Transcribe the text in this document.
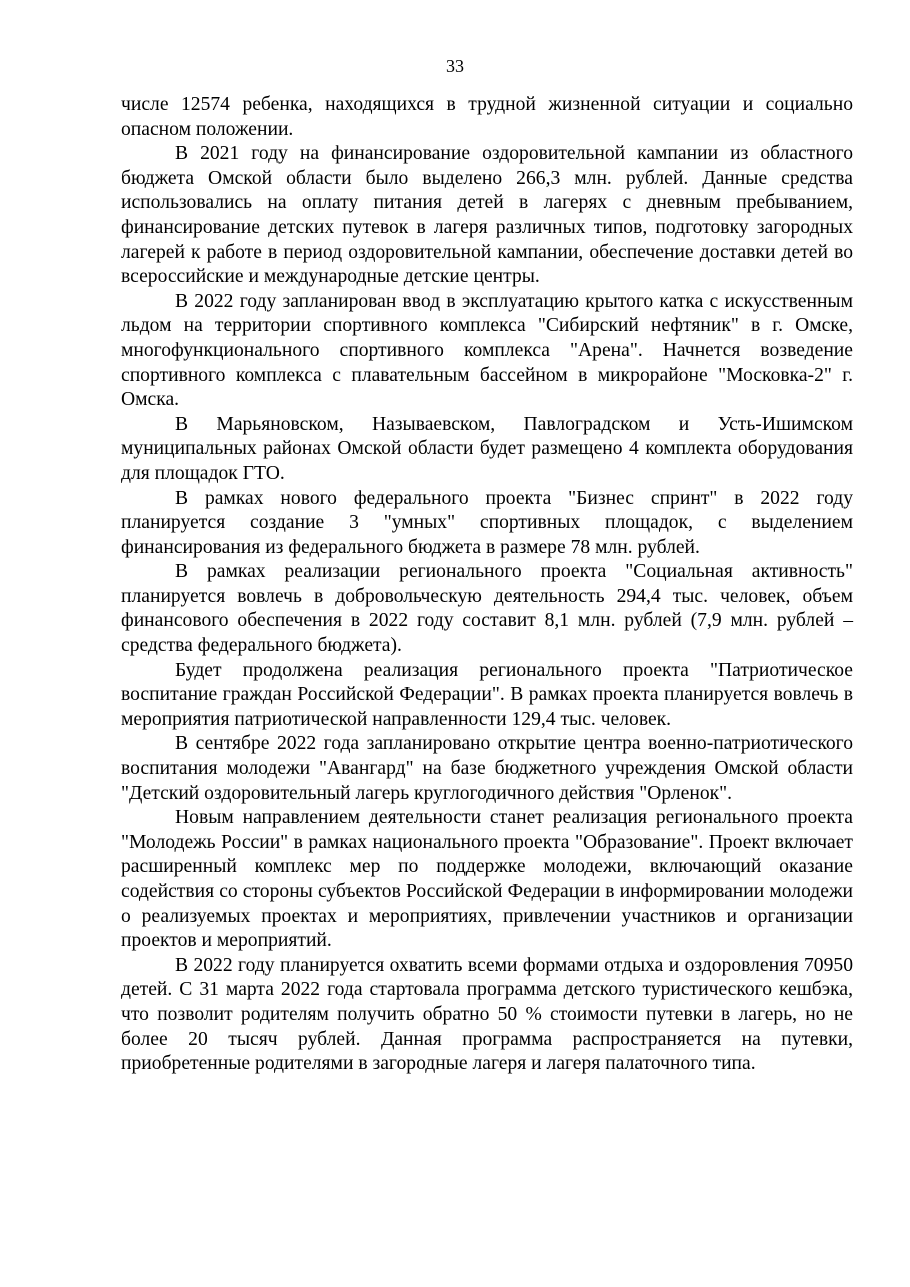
33

числе 12574 ребенка, находящихся в трудной жизненной ситуации и социально опасном положении.

В 2021 году на финансирование оздоровительной кампании из областного бюджета Омской области было выделено 266,3 млн. рублей. Данные средства использовались на оплату питания детей в лагерях с дневным пребыванием, финансирование детских путевок в лагеря различных типов, подготовку загородных лагерей к работе в период оздоровительной кампании, обеспечение доставки детей во всероссийские и международные детские центры.

В 2022 году запланирован ввод в эксплуатацию крытого катка с искусственным льдом на территории спортивного комплекса "Сибирский нефтяник" в г. Омске, многофункционального спортивного комплекса "Арена". Начнется возведение спортивного комплекса с плавательным бассейном в микрорайоне "Московка-2" г. Омска.

В Марьяновском, Называевском, Павлоградском и Усть-Ишимском муниципальных районах Омской области будет размещено 4 комплекта оборудования для площадок ГТО.

В рамках нового федерального проекта "Бизнес спринт" в 2022 году планируется создание 3 "умных" спортивных площадок, с выделением финансирования из федерального бюджета в размере 78 млн. рублей.

В рамках реализации регионального проекта "Социальная активность" планируется вовлечь в добровольческую деятельность 294,4 тыс. человек, объем финансового обеспечения в 2022 году составит 8,1 млн. рублей (7,9 млн. рублей – средства федерального бюджета).

Будет продолжена реализация регионального проекта "Патриотическое воспитание граждан Российской Федерации". В рамках проекта планируется вовлечь в мероприятия патриотической направленности 129,4 тыс. человек.

В сентябре 2022 года запланировано открытие центра военно-патриотического воспитания молодежи "Авангард" на базе бюджетного учреждения Омской области "Детский оздоровительный лагерь круглогодичного действия "Орленок".

Новым направлением деятельности станет реализация регионального проекта "Молодежь России" в рамках национального проекта "Образование". Проект включает расширенный комплекс мер по поддержке молодежи, включающий оказание содействия со стороны субъектов Российской Федерации в информировании молодежи о реализуемых проектах и мероприятиях, привлечении участников и организации проектов и мероприятий.

В 2022 году планируется охватить всеми формами отдыха и оздоровления 70950 детей. С 31 марта 2022 года стартовала программа детского туристического кешбэка, что позволит родителям получить обратно 50 % стоимости путевки в лагерь, но не более 20 тысяч рублей. Данная программа распространяется на путевки, приобретенные родителями в загородные лагеря и лагеря палаточного типа.
